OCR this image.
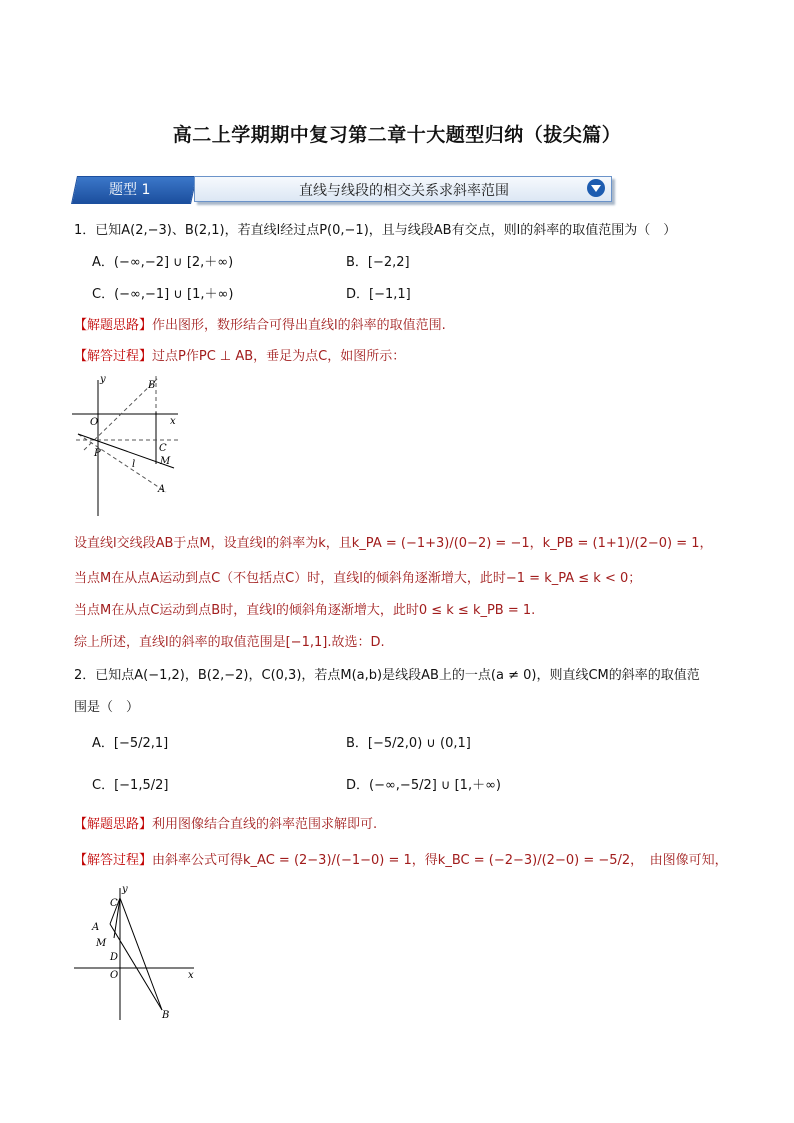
高二上学期期中复习第二章十大题型归纳（拔尖篇）
题型 1	直线与线段的相交关系求斜率范围
1．已知A(2,−3)、B(2,1)，若直线l经过点P(0,−1)，且与线段AB有交点，则l的斜率的取值范围为（　）
A．(−∞,−2] ∪ [2,＋∞)	B．[−2,2]
C．(−∞,−1] ∪ [1,＋∞)	D．[−1,1]
【解题思路】作出图形，数形结合可得出直线l的斜率的取值范围.
【解答过程】过点P作PC ⊥ AB，垂足为点C，如图所示：
y
B
x
O
C
P
M
l
A
设直线l交线段AB于点M，设直线l的斜率为k，且k_PA = (−1+3)/(0−2) = −1，k_PB = (1+1)/(2−0) = 1，
当点M在从点A运动到点C（不包括点C）时，直线l的倾斜角逐渐增大，此时−1 = k_PA ≤ k < 0；
当点M在从点C运动到点B时，直线l的倾斜角逐渐增大，此时0 ≤ k ≤ k_PB = 1.
综上所述，直线l的斜率的取值范围是[−1,1].故选：D.
2．已知点A(−1,2)，B(2,−2)，C(0,3)，若点M(a,b)是线段AB上的一点(a ≠ 0)，则直线CM的斜率的取值范
围是（　）
A．[−5/2,1]	B．[−5/2,0) ∪ (0,1]
C．[−1,5/2]	D．(−∞,−5/2] ∪ [1,＋∞)
【解题思路】利用图像结合直线的斜率范围求解即可.
【解答过程】由斜率公式可得k_AC = (2−3)/(−1−0) = 1，得k_BC = (−2−3)/(2−0) = −5/2，　由图像可知，
y
C
A
M
D
O	x
B
